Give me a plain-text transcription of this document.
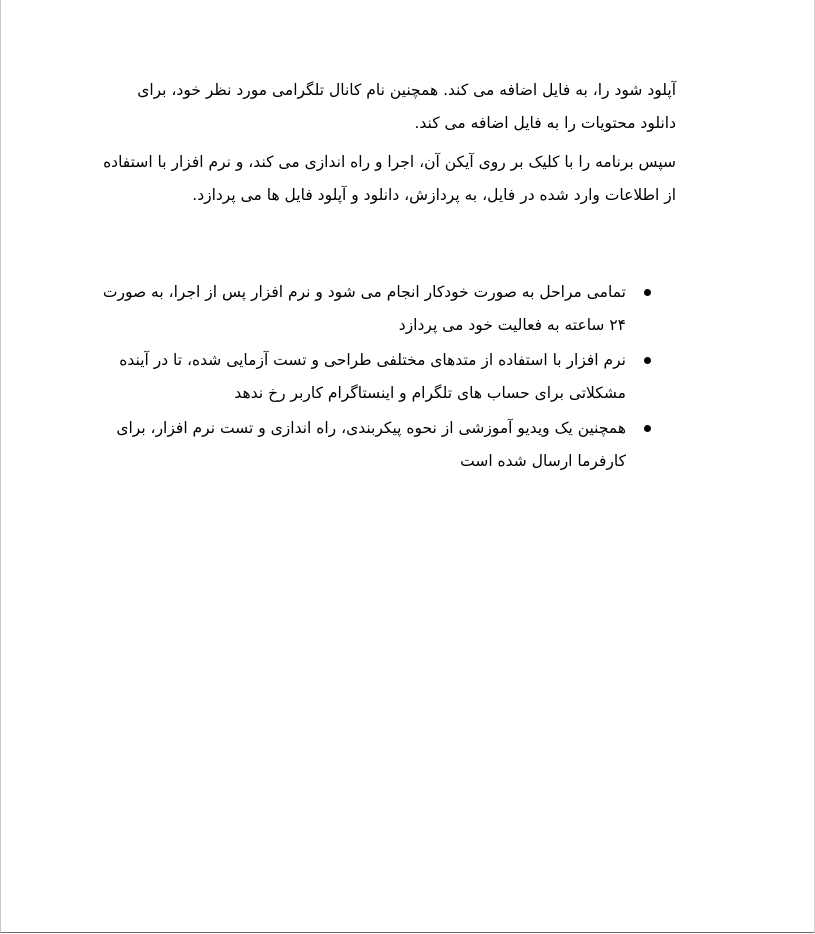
آپلود شود را، به فایل اضافه می کند. همچنین نام کانال تلگرامی مورد نظر خود، برای دانلود محتویات را به فایل اضافه می کند.

سپس برنامه را با کلیک بر روی آیکن آن، اجرا و راه اندازی می کند، و نرم افزار با استفاده از اطلاعات وارد شده در فایل، به پردازش، دانلود و آپلود فایل ها می پردازد.

تمامی مراحل به صورت خودکار انجام می شود و نرم افزار پس از اجرا، به صورت ۲۴ ساعته به فعالیت خود می پردازد
نرم افزار با استفاده از متدهای مختلفی طراحی و تست آزمایی شده، تا در آینده مشکلاتی برای حساب های تلگرام و اینستاگرام کاربر رخ ندهد
همچنین یک ویدیو آموزشی از نحوه پیکربندی، راه اندازی و تست نرم افزار، برای کارفرما ارسال شده است
